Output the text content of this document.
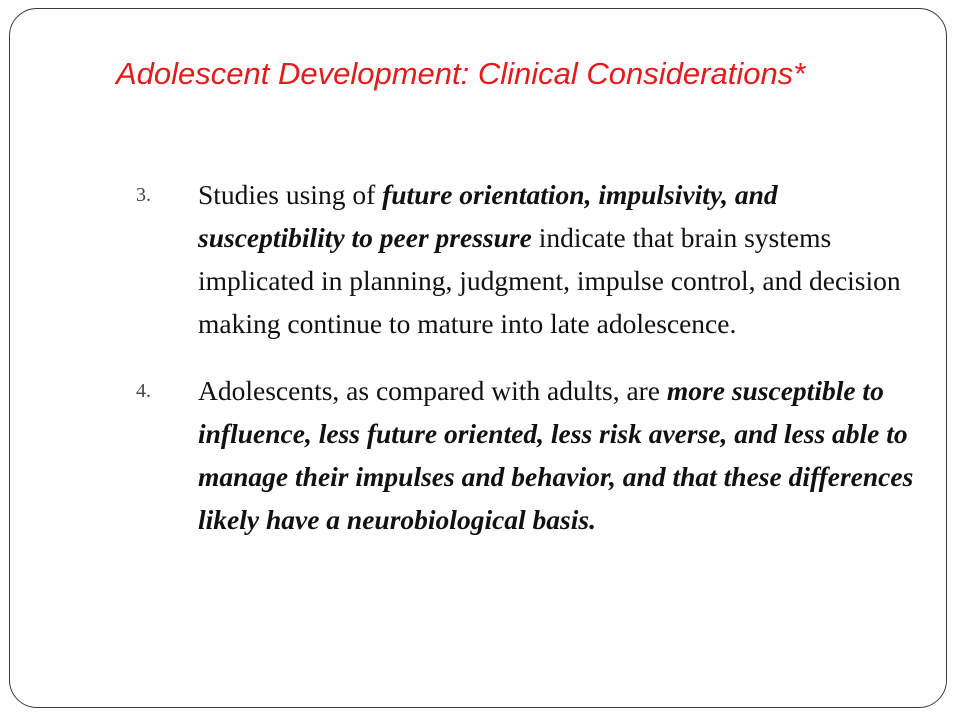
Adolescent Development: Clinical Considerations*
3. Studies using of future orientation, impulsivity, and susceptibility to peer pressure indicate that brain systems implicated in planning, judgment, impulse control, and decision making continue to mature into late adolescence.
4. Adolescents, as compared with adults, are more susceptible to influence, less future oriented, less risk averse, and less able to manage their impulses and behavior, and that these differences likely have a neurobiological basis.
